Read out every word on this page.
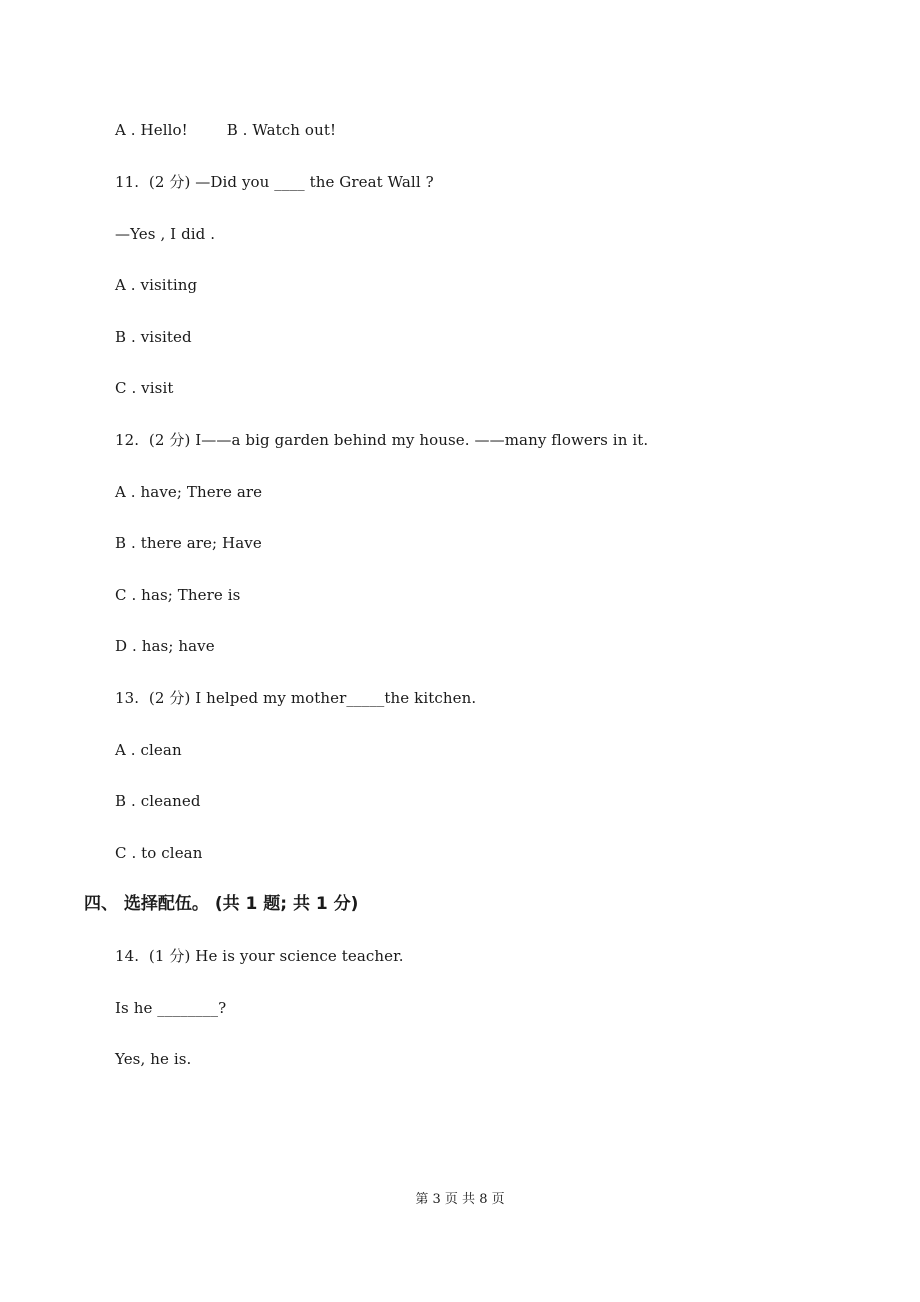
A . Hello!        B . Watch out!
11.  (2 分) —Did you ____ the Great Wall ?
—Yes , I did .
A . visiting
B . visited
C . visit
12.  (2 分) I——a big garden behind my house. ——many flowers in it.
A . have; There are
B . there are; Have
C . has; There is
D . has; have
13.  (2 分) I helped my mother_____the kitchen.
A . clean
B . cleaned
C . to clean
四、 选择配伍。 (共 1 题; 共 1 分)
14.  (1 分) He is your science teacher.
Is he ________?
Yes, he is.
第 3 页 共 8 页
